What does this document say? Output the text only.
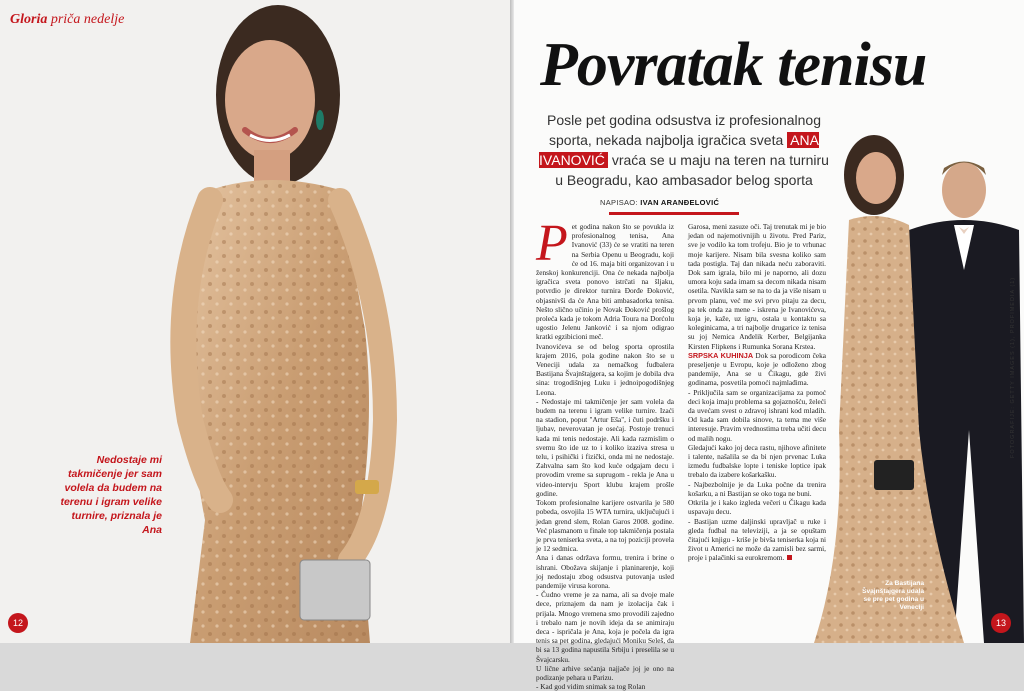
Gloria priča nedelje
Nedostaje mi takmičenje jer sam volela da budem na terenu i igram velike turnire, priznala je Ana
12
Povratak tenisu
Posle pet godina odsustva iz profesionalnog sporta, nekada najbolja igračica sveta ANA IVANOVIĆ vraća se u maju na teren na turniru u Beogradu, kao ambasador belog sporta
NAPISAO: IVAN ARANĐELOVIĆ
P et godina nakon što se povukla iz profesionalnog tenisa, Ana Ivanović (33) će se vratiti na teren na Serbia Openu u Beogradu, koji će od 16. maja biti organizovan i u ženskoj konkurenciji. Ona će nekada najbolja igračica sveta ponovo istrčati na šljaku, potvrdio je direktor turnira Đorđe Đoković, objasnivši da će Ana biti ambasadorka tenisa. Nešto slično učinio je Novak Đoković prošlog proleća kada je tokom Adria Toura na Dorćolu ugostio Jelenu Janković i sa njom odigrao kratki egzibicioni meč.

Ivanovićeva se od belog sporta oprostila krajem 2016, pola godine nakon što se u Veneciji udala za nemačkog fudbalera Bastijana Švajnštajgera, sa kojim je dobila dva sina: trogodišnjeg Luku i jednoipogodišnjeg Leona.

- Nedostaje mi takmičenje jer sam volela da budem na terenu i igram velike turnire. Izaći na stadion, poput "Artur Eša", i čuti podršku i ljubav, neverovatan je osećaj. Postoje trenuci kada mi tenis nedostaje. Ali kada razmislim o svemu što ide uz to i koliko izaziva stresa u telu, i psihički i fizički, onda mi ne nedostaje. Zahvalna sam što kod kuće odgajam decu i provodim vreme sa suprugom - rekla je Ana u video-intervju Sport klubu krajem prošle godine.

Tokom profesionalne karijere ostvarila je 580 pobeda, osvojila 15 WTA turnira, uključujući i jedan grend slem, Rolan Garos 2008. godine. Već plasmanom u finale top takmičenja postala je prva teniserka sveta, a na toj poziciji provela je 12 sedmica.

Ana i danas održava formu, trenira i brine o ishrani. Obožava skijanje i planinarenje, koji joj nedostaju zbog odsustva putovanja usled pandemije virusa korona.

- Čudno vreme je za nama, ali sa dvoje male dece, priznajem da nam je izolacija čak i prijala. Mnogo vremena smo provodili zajedno i trebalo nam je novih ideja da se animiraju deca - ispričala je Ana, koja je počela da igra tenis sa pet godina, gledajući Moniku Seleš, da bi sa 13 godina napustila Srbiju i preselila se u Švajcarsku.

U lične arhive sećanja najjače joj je ono na podizanje pehara u Parizu.

- Kad god vidim snimak sa tog Rolan

Garosa, meni zasuze oči. Taj trenutak mi je bio jedan od najemotivnijih u životu. Pred Pariz, sve je vodilo ka tom trofeju. Bio je to vrhunac moje karijere. Nisam bila svesna koliko sam tada postigla. Taj dan nikada neću zaboraviti. Dok sam igrala, bilo mi je naporno, ali dozu umora koju sada imam sa decom nikada nisam osetila. Navikla sam se na to da ja više nisam u prvom planu, već me svi prvo pitaju za decu, pa tek onda za mene - iskrena je Ivanovićeva, koja je, kaže, uz igru, ostala u kontaktu sa koleginicama, a tri najbolje drugarice iz tenisa su joj Nemica Anđelik Kerber, Belgijanka Kirsten Flipkens i Rumunka Sorana Krstea.

SRPSKA KUHINJA Dok sa porodicom čeka preseljenje u Evropu, koje je odloženo zbog pandemije, Ana se u Čikagu, gde živi godinama, posvetila pomoći najmlađima.

- Priključila sam se organizacijama za pomoć deci koja imaju problema sa gojaznošću, želeći da uvećam svest o zdravoj ishrani kod mladih. Od kada sam dobila sinove, ta tema me više interesuje. Pravim vrednostima treba učiti decu od malih nogu.

Gledajući kako joj deca rastu, njihove afinitete i talente, našalila se da bi njen prvenac Luka između fudbalske lopte i teniske loptice ipak trebalo da izabere košarkašku.

- Najbezbolnije je da Luka počne da trenira košarku, a ni Bastijan se oko toga ne buni.

Otkrila je i kako izgleda večeri u Čikagu kada uspavaju decu.

- Bastijan uzme daljinski upravljač u ruke i gleda fudbal na televiziji, a ja se opuštam čitajući knjigu - kriše je bivša teniserka koja ni život u Americi ne može da zamisli bez sarmi, proje i palačinki sa eurokremom.

Za Bastijana Švajnštajgera udala se pre pet godina u Veneciji
FOTOGRAFIJE: GETTY IMAGES (1), PROFIMEDIA (1)
13
